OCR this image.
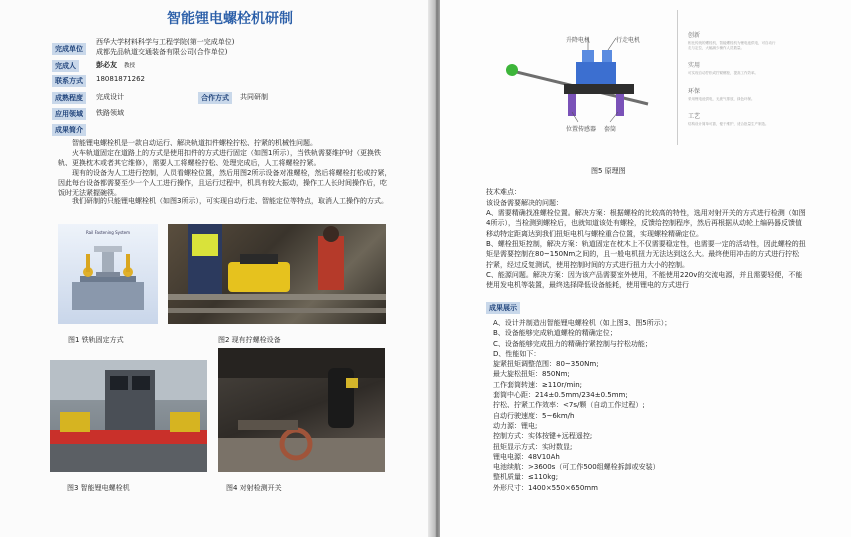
智能锂电螺栓机研制
完成单位
西华大学材料科学与工程学院(第一完成单位)
成都先品轨道交通装备有限公司(合作单位)
完成人	彭必友 教授
联系方式	18081871262
成熟程度	完成设计	合作方式	共同研制
应用领域	铁路领域
成果简介
智能锂电螺栓机是一款自动运行、解决轨道扣件螺栓拧松、拧紧的机械性问题。
火车轨道固定在道路上的方式是使用扣件的方式进行固定（如图1所示），当铁轨需要维护时（更换铁轨、更换枕木或者其它维修），需要人工将螺栓拧松、处理完成后，人工将螺栓拧紧。
现有的设备为人工进行控制，人员看螺栓位置，然后用图2所示设备对准螺栓，然后将螺栓打松或拧紧，因此每台设备都需要至少一个人工进行操作，且运行过程中，机具有较大振动，操作工人长时间操作后，吃饭时无法紧握碗筷。
我们研制的只能锂电螺栓机（如图3所示），可实现自动行走、智能定位等特点，取消人工操作的方式。
Rail Fastening System
图1 铁轨固定方式	图2 现有拧螺栓设备
图3 智能锂电螺栓机	图4 对射检测开关
升降电机	行走电机
位置传感器 套筒
创新
相比传统的螺栓机，智能螺栓机为锂电池供电，可自动行走与定位，大幅减少操作人员数量。
实用
可实现自动拧松或拧紧螺栓，提高工作效率。
环保
采用锂电池供电，无废气排放，绿色环保。
工艺
结构设计简单可靠，便于维护，适合批量生产制造。
图5 原理图
技术难点：
该设备需要解决的问题：
A、需要精确找准螺栓位置。解决方案：根据螺栓的比较高的特性，选用对射开关的方式进行检测（如图4所示），当检测到螺栓后，也就知道该处有螺栓，反馈给控制程序，然后再根据从动轮上编码器反馈值移动特定距离达到我们扭矩电机与螺栓重合位置，实现螺栓精确定位。
B、螺栓扭矩控制，解决方案：轨道固定在枕木上不仅需要稳定性，也需要一定的活动性，因此螺栓的扭矩是需要控制在80~150Nm之间的，且一般电机扭力无法达到这么大。最终使用冲击的方式进行拧松拧紧，经过反复测试，使用控制时间的方式进行扭力大小的控制。
C、能源问题。解决方案：因为该产品需要室外使用，不能使用220v的交流电源，并且需要轻便，不能使用发电机等装置，最终选择降低设备能耗，使用锂电的方式进行
成果展示
A、设计并制造出智能锂电螺栓机（如上图3、图5所示）；
B、设备能够完成轨道螺栓的精确定位；
C、设备能够完成扭力的精确拧紧控制与拧松功能；
D、性能如下：
旋紧扭矩调整范围：80~350Nm;
最大旋松扭矩：850Nm;
工作套筒转速：≥110r/min;
套筒中心距：214±0.5mm/234±0.5mm;
拧松、拧紧工作效率：<7s/颗（自动工作过程）;
自动行驶速度：5~6km/h
动力源：锂电;
控制方式：实体按键+远程遥控;
扭矩显示方式：实时数显;
锂电电源：48V10Ah
电池续航：>3600s（可工作500组螺栓拆卸或安装）
整机质量：≤110kg;
外形尺寸：1400×550×650mm
